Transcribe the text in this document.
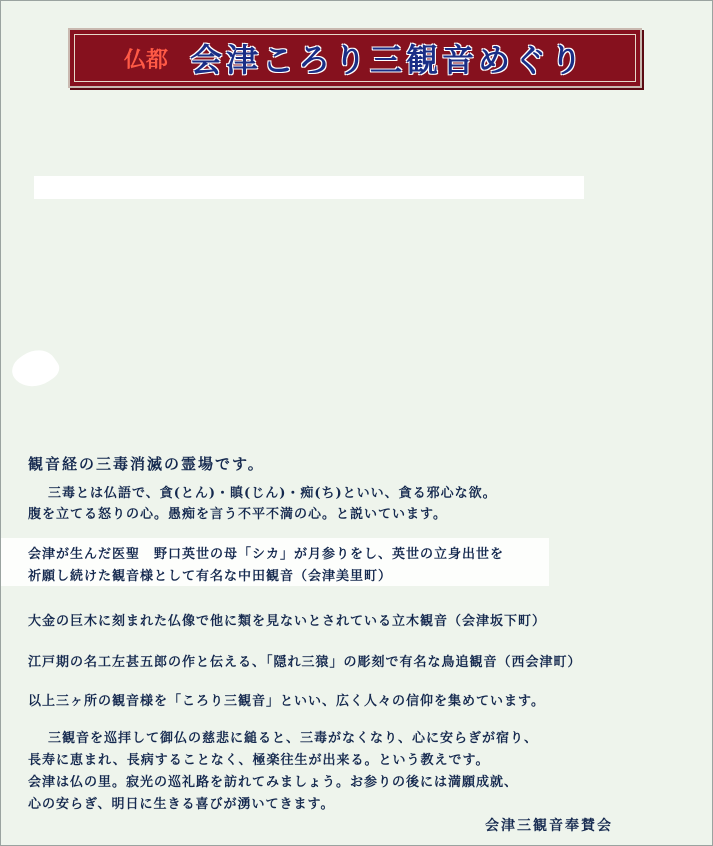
仏都 会津ころり三観音めぐり
観音経の三毒消滅の霊場です。
　三毒とは仏語で、貪(とん)・瞋(じん)・痴(ち)といい、貪る邪心な欲。
腹を立てる怒りの心。愚痴を言う不平不満の心。と説いています。
会津が生んだ医聖　野口英世の母「シカ」が月参りをし、英世の立身出世を
祈願し続けた観音様として有名な中田観音（会津美里町）
大金の巨木に刻まれた仏像で他に類を見ないとされている立木観音（会津坂下町）
江戸期の名工左甚五郎の作と伝える、「隠れ三猿」の彫刻で有名な鳥追観音（西会津町）
以上三ヶ所の観音様を「ころり三観音」といい、広く人々の信仰を集めています。
　三観音を巡拝して御仏の慈悲に縋ると、三毒がなくなり、心に安らぎが宿り、
長寿に恵まれ、長病することなく、極楽往生が出来る。という教えです。
会津は仏の里。寂光の巡礼路を訪れてみましょう。お参りの後には満願成就、
心の安らぎ、明日に生きる喜びが湧いてきます。
会津三観音奉賛会
